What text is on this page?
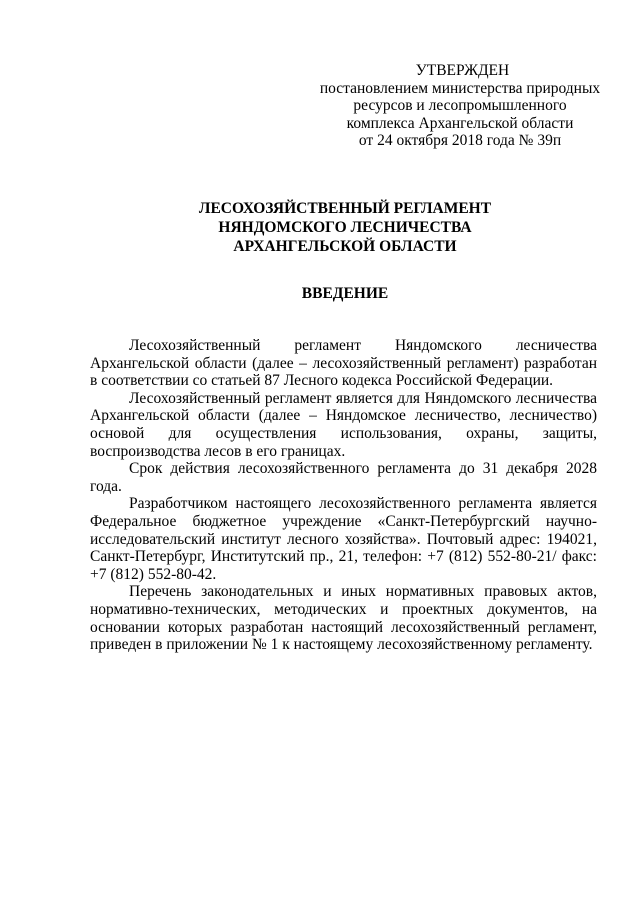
УТВЕРЖДЕН
постановлением министерства природных
ресурсов и лесопромышленного
комплекса Архангельской области
от 24 октября 2018 года № 39п
ЛЕСОХОЗЯЙСТВЕННЫЙ РЕГЛАМЕНТ
НЯНДОМСКОГО ЛЕСНИЧЕСТВА
АРХАНГЕЛЬСКОЙ ОБЛАСТИ
ВВЕДЕНИЕ

Лесохозяйственный регламент Няндомского лесничества Архангельской области (далее – лесохозяйственный регламент) разработан в соответствии со статьей 87 Лесного кодекса Российской Федерации.

Лесохозяйственный регламент является для Няндомского лесничества Архангельской области (далее – Няндомское лесничество, лесничество) основой для осуществления использования, охраны, защиты, воспроизводства лесов в его границах.

Срок действия лесохозяйственного регламента до 31 декабря 2028 года.

Разработчиком настоящего лесохозяйственного регламента является Федеральное бюджетное учреждение «Санкт-Петербургский научно-исследовательский институт лесного хозяйства». Почтовый адрес: 194021, Санкт-Петербург, Институтский пр., 21, телефон: +7 (812) 552-80-21/ факс: +7 (812) 552-80-42.

Перечень законодательных и иных нормативных правовых актов, нормативно-технических, методических и проектных документов, на основании которых разработан настоящий лесохозяйственный регламент, приведен в приложении № 1 к настоящему лесохозяйственному регламенту.
